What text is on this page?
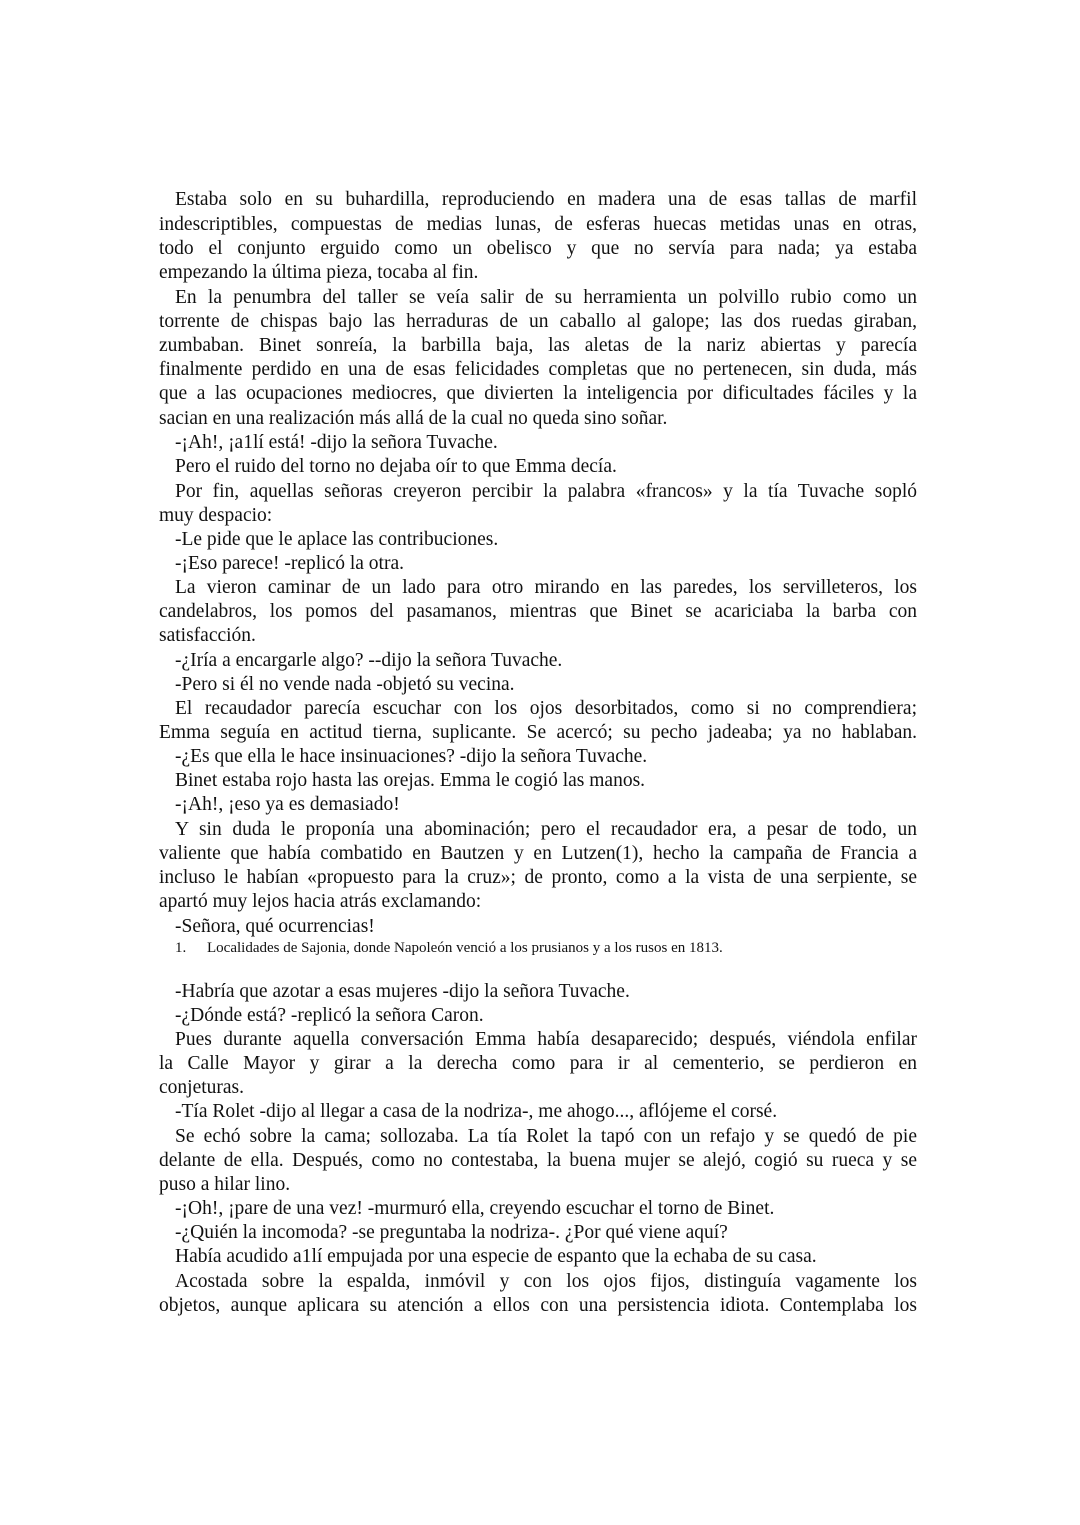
Estaba solo en su buhardilla, reproduciendo en madera una de esas tallas de marfil
indescriptibles, compuestas de medias lunas, de esferas huecas metidas unas en otras,
todo el conjunto erguido como un obelisco y que no servía para nada; ya estaba
empezando la última pieza, tocaba al fin.
En la penumbra del taller se veía salir de su herramienta un polvillo rubio como un
torrente de chispas bajo las herraduras de un caballo al galope; las dos ruedas giraban,
zumbaban. Binet sonreía, la barbilla baja, las aletas de la nariz abiertas y parecía
finalmente perdido en una de esas felicidades completas que no pertenecen, sin duda, más
que a las ocupaciones mediocres, que divierten la inteligencia por dificultades fáciles y la
sacian en una realización más allá de la cual no queda sino soñar.
-¡Ah!, ¡a1lí está! -dijo la señora Tuvache.
Pero el ruido del torno no dejaba oír to que Emma decía.
Por fin, aquellas señoras creyeron percibir la palabra «francos» y la tía Tuvache sopló
muy despacio:
-Le pide que le aplace las contribuciones.
-¡Eso parece! -replicó la otra.
La vieron caminar de un lado para otro mirando en las paredes, los servilleteros, los
candelabros, los pomos del pasamanos, mientras que Binet se acariciaba la barba con
satisfacción.
-¿Iría a encargarle algo? --dijo la señora Tuvache.
-Pero si él no vende nada -objetó su vecina.
El recaudador parecía escuchar con los ojos desorbitados, como si no comprendiera;
Emma seguía en actitud tierna, suplicante. Se acercó; su pecho jadeaba; ya no hablaban.
-¿Es que ella le hace insinuaciones? -dijo la señora Tuvache.
Binet estaba rojo hasta las orejas. Emma le cogió las manos.
-¡Ah!, ¡eso ya es demasiado!
Y sin duda le proponía una abominación; pero el recaudador era, a pesar de todo, un
valiente que había combatido en Bautzen y en Lutzen(1), hecho la campaña de Francia a
incluso le habían «propuesto para la cruz»; de pronto, como a la vista de una serpiente, se
apartó muy lejos hacia atrás exclamando:
-Señora, qué ocurrencias!
-Habría que azotar a esas mujeres -dijo la señora Tuvache.
-¿Dónde está? -replicó la señora Caron.
Pues durante aquella conversación Emma había desaparecido; después, viéndola enfilar
la Calle Mayor y girar a la derecha como para ir al cementerio, se perdieron en
conjeturas.
-Tía Rolet -dijo al llegar a casa de la nodriza-, me ahogo..., aflójeme el corsé.
Se echó sobre la cama; sollozaba. La tía Rolet la tapó con un refajo y se quedó de pie
delante de ella. Después, como no contestaba, la buena mujer se alejó, cogió su rueca y se
puso a hilar lino.
-¡Oh!, ¡pare de una vez! -murmuró ella, creyendo escuchar el torno de Binet.
-¿Quién la incomoda? -se preguntaba la nodriza-. ¿Por qué viene aquí?
Había acudido a1lí empujada por una especie de espanto que la echaba de su casa.
Acostada sobre la espalda, inmóvil y con los ojos fijos, distinguía vagamente los
objetos, aunque aplicara su atención a ellos con una persistencia idiota. Contemplaba los
1. Localidades de Sajonia, donde Napoleón venció a los prusianos y a los rusos en 1813.
